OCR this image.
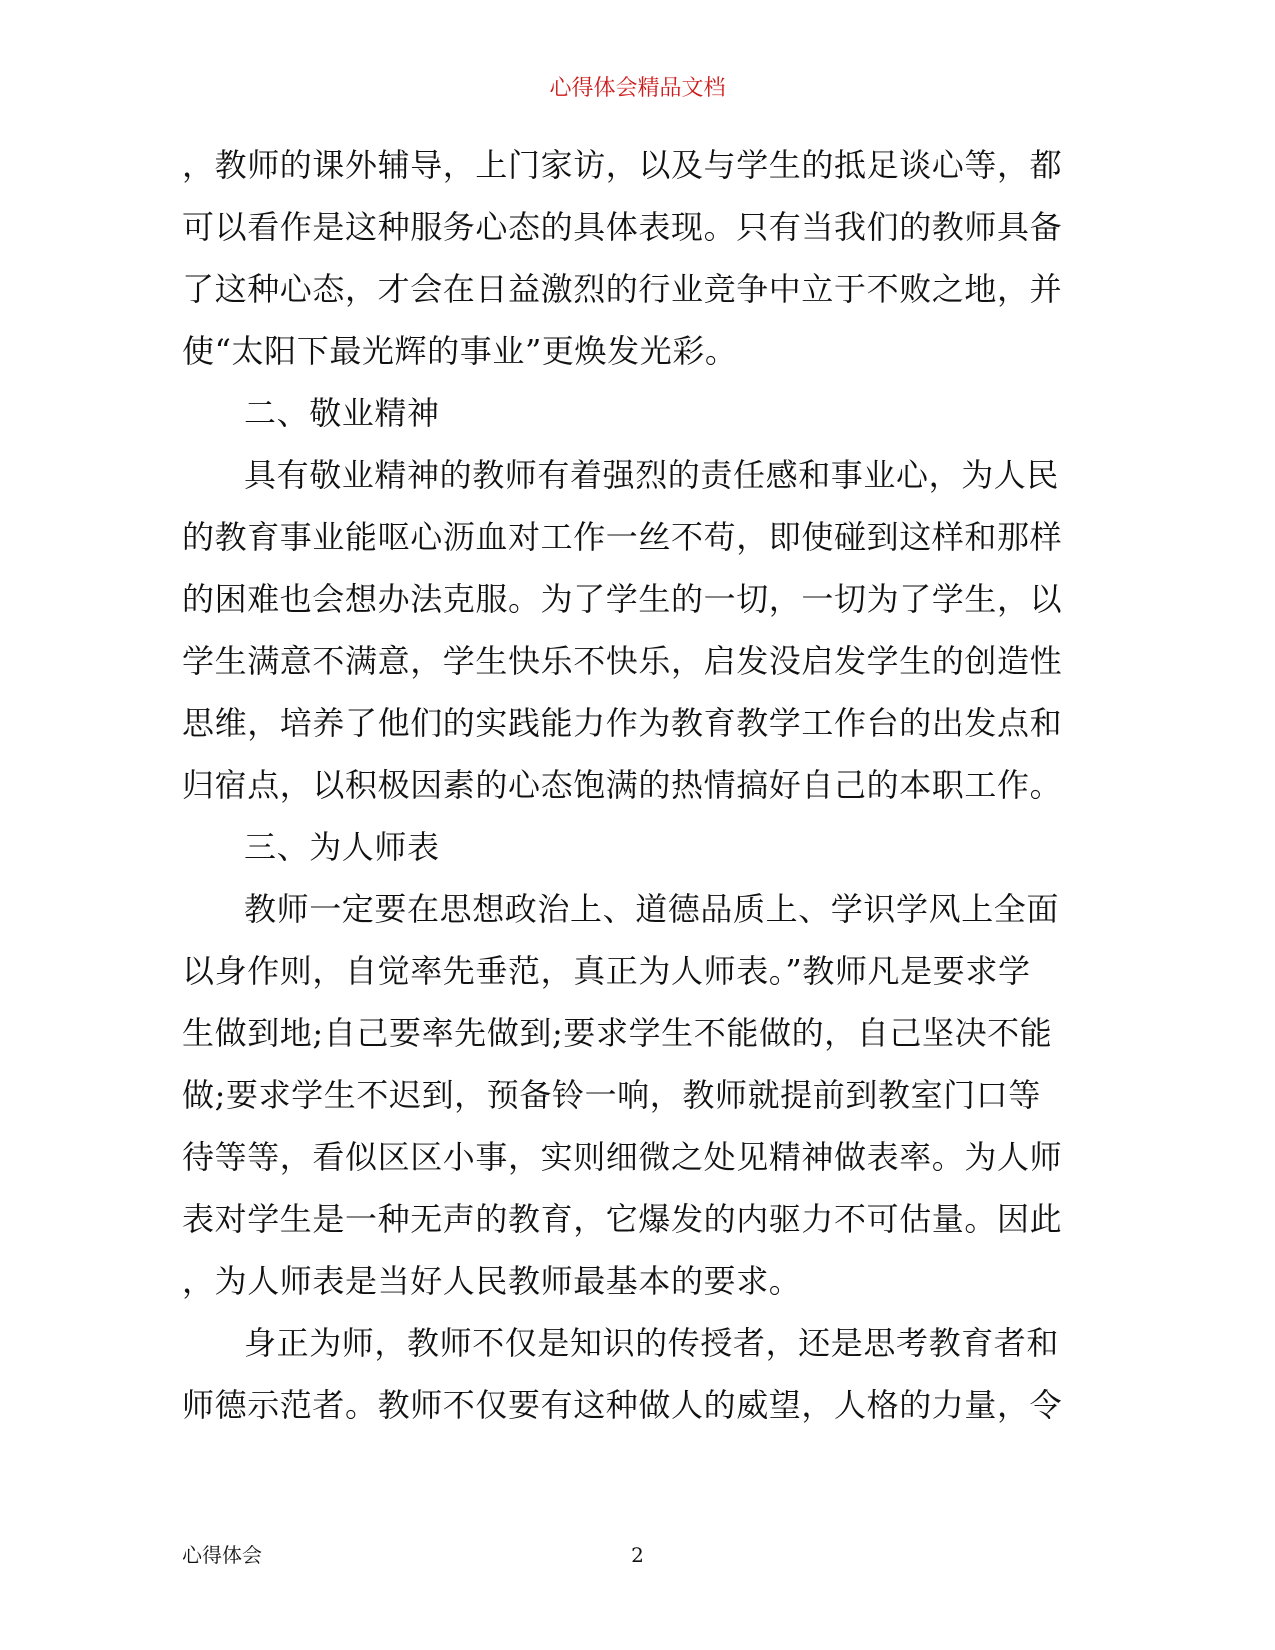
心得体会精品文档
，教师的课外辅导，上门家访，以及与学生的抵足谈心等，都
可以看作是这种服务心态的具体表现。只有当我们的教师具备
了这种心态，才会在日益激烈的行业竞争中立于不败之地，并
使“太阳下最光辉的事业”更焕发光彩。
二、敬业精神
具有敬业精神的教师有着强烈的责任感和事业心，为人民
的教育事业能呕心沥血对工作一丝不苟，即使碰到这样和那样
的困难也会想办法克服。为了学生的一切，一切为了学生，以
学生满意不满意，学生快乐不快乐，启发没启发学生的创造性
思维，培养了他们的实践能力作为教育教学工作台的出发点和
归宿点，以积极因素的心态饱满的热情搞好自己的本职工作。
三、为人师表
教师一定要在思想政治上、道德品质上、学识学风上全面
以身作则，自觉率先垂范，真正为人师表。”教师凡是要求学
生做到地;自己要率先做到;要求学生不能做的，自己坚决不能
做;要求学生不迟到，预备铃一响，教师就提前到教室门口等
待等等，看似区区小事，实则细微之处见精神做表率。为人师
表对学生是一种无声的教育，它爆发的内驱力不可估量。因此
，为人师表是当好人民教师最基本的要求。
身正为师，教师不仅是知识的传授者，还是思考教育者和
师德示范者。教师不仅要有这种做人的威望，人格的力量，令
2
心得体会
